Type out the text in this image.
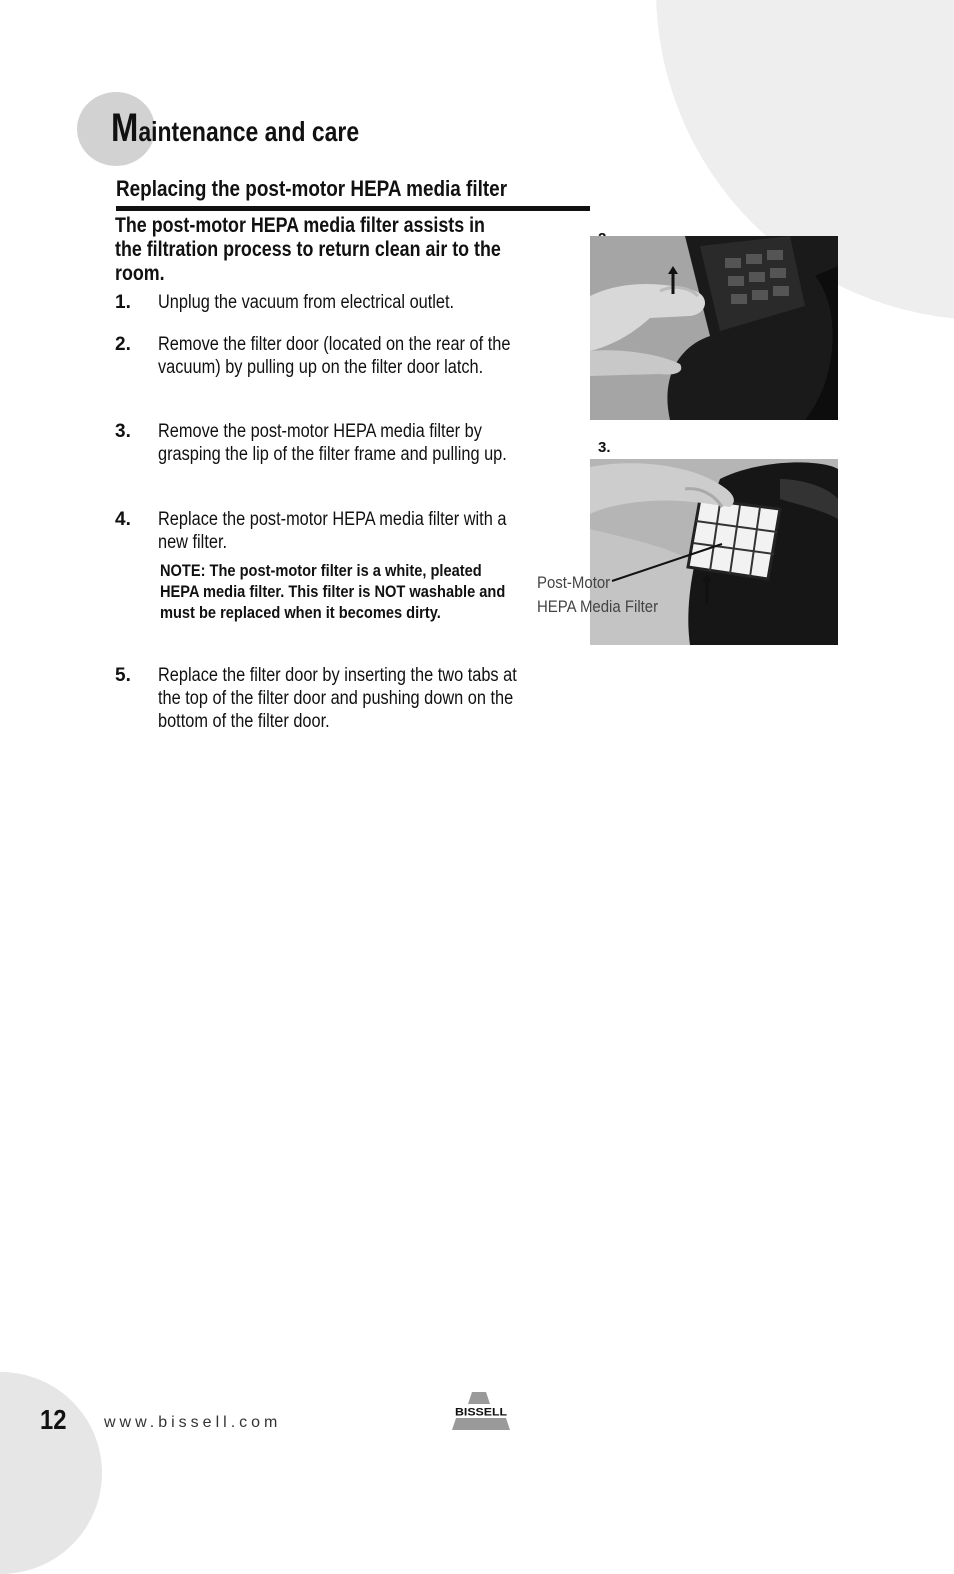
Maintenance and care
Replacing the post-motor HEPA media filter
The post-motor HEPA media filter assists in the filtration process to return clean air to the room.
1. Unplug the vacuum from electrical outlet.
2. Remove the filter door (located on the rear of the vacuum) by pulling up on the filter door latch.
3. Remove the post-motor HEPA media filter by grasping the lip of the filter frame and pulling up.
4. Replace the post-motor HEPA media filter with a new filter.
NOTE: The post-motor filter is a white, pleated HEPA media filter. This filter is NOT washable and must be replaced when it becomes dirty.
5. Replace the filter door by inserting the two tabs at the top of the filter door and pushing down on the bottom of the filter door.
3.
Post-Motor
HEPA Media Filter
12 www.bissell.com
BISSELL
